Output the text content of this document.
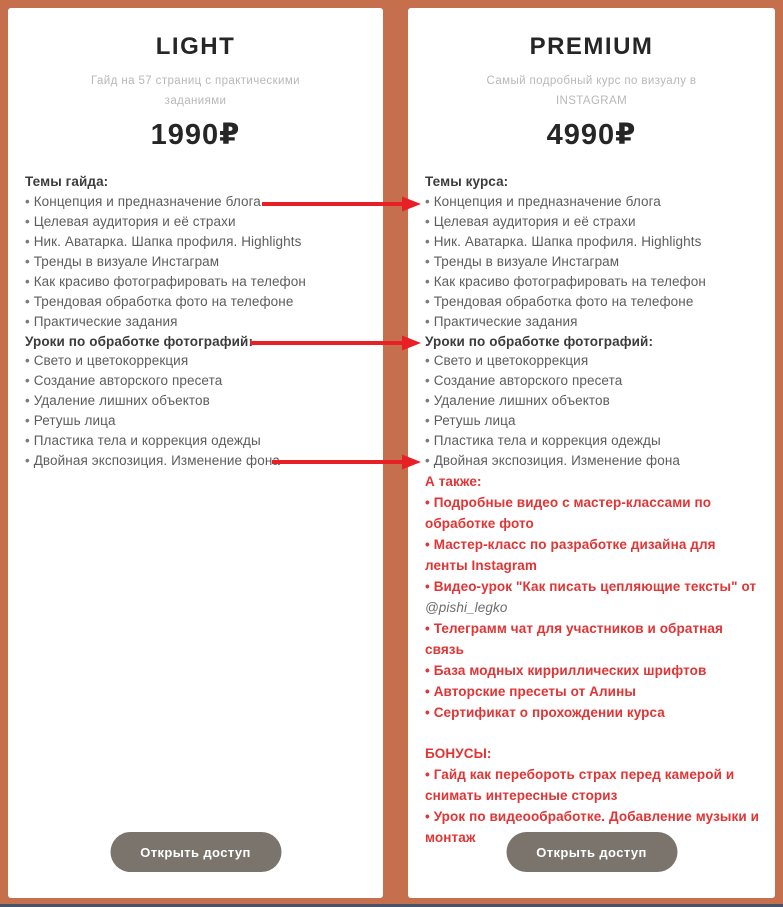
LIGHT

Гайд на 57 страниц с практическими заданиями

1990₽
Темы гайда:
• Концепция и предназначение блога
• Целевая аудитория и её страхи
• Ник. Аватарка. Шапка профиля. Highlights
• Тренды в визуале Инстаграм
• Как красиво фотографировать на телефон
• Трендовая обработка фото на телефоне
• Практические задания
Уроки по обработке фотографий:
• Свето и цветокоррекция
• Создание авторского пресета
• Удаление лишних объектов
• Ретушь лица
• Пластика тела и коррекция одежды
• Двойная экспозиция. Изменение фона
Открыть доступ
PREMIUM

Самый подробный курс по визуалу в INSTAGRAM

4990₽
Темы курса:
• Концепция и предназначение блога
• Целевая аудитория и её страхи
• Ник. Аватарка. Шапка профиля. Highlights
• Тренды в визуале Инстаграм
• Как красиво фотографировать на телефон
• Трендовая обработка фото на телефоне
• Практические задания
Уроки по обработке фотографий:
• Свето и цветокоррекция
• Создание авторского пресета
• Удаление лишних объектов
• Ретушь лица
• Пластика тела и коррекция одежды
• Двойная экспозиция. Изменение фона
А также:
• Подробные видео с мастер-классами по обработке фото
• Мастер-класс по разработке дизайна для ленты Instagram
• Видео-урок "Как писать цепляющие тексты" от
@pishi_legko
• Телеграмм чат для участников и обратная связь
• База модных кирриллических шрифтов
• Авторские пресеты от Алины
• Сертификат о прохождении курса
БОНУСЫ:
• Гайд как перебороть страх перед камерой и снимать интересные сториз
• Урок по видеообработке. Добавление музыки и монтаж
Открыть доступ
